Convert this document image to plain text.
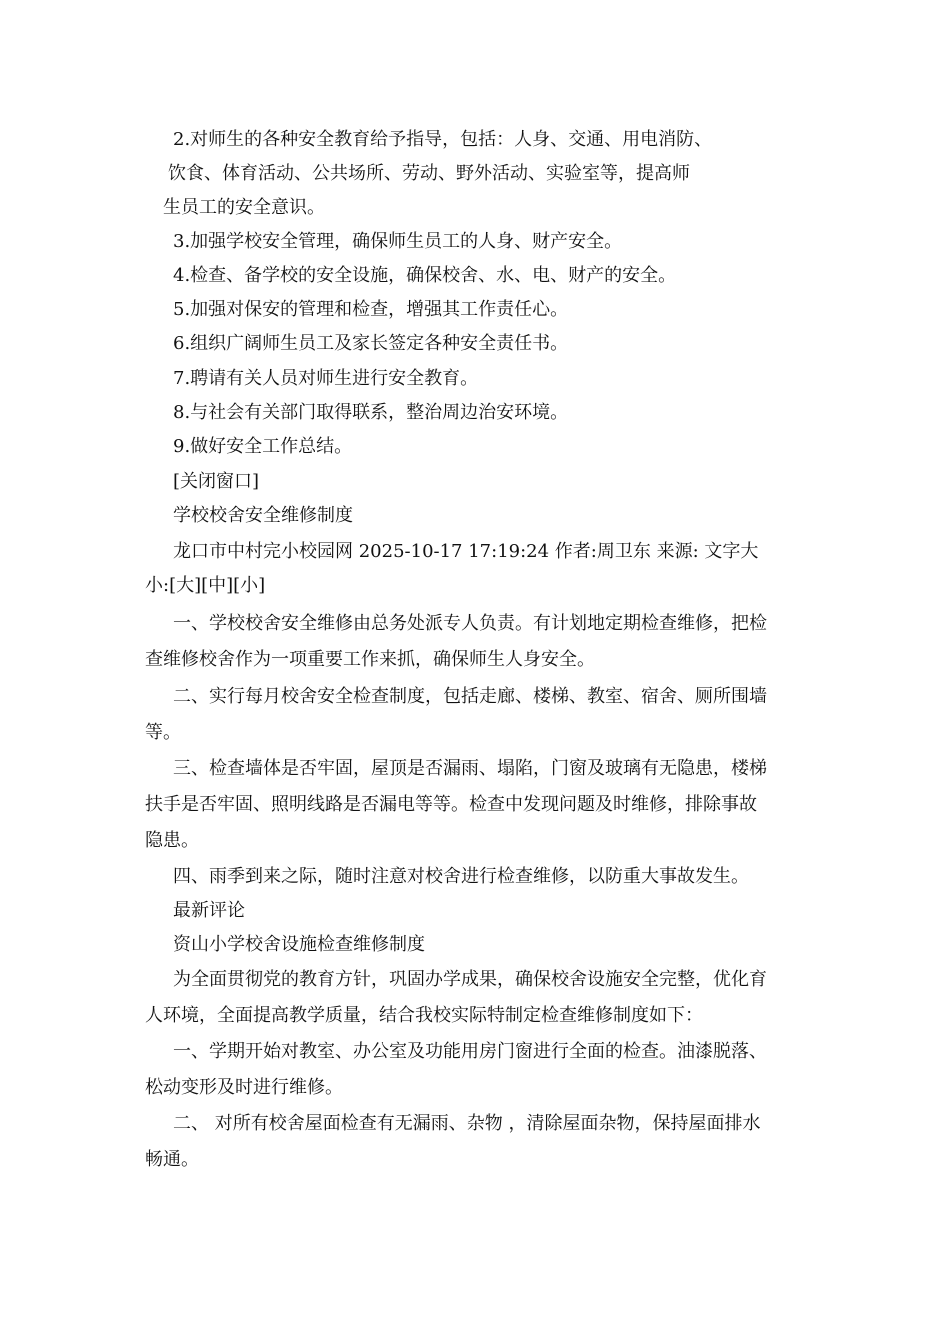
2.对师生的各种安全教育给予指导，包括：人身、交通、用电消防、
饮食、体育活动、公共场所、劳动、野外活动、实验室等，提高师
生员工的安全意识。
3.加强学校安全管理，确保师生员工的人身、财产安全。
4.检查、备学校的安全设施，确保校舍、水、电、财产的安全。
5.加强对保安的管理和检查，增强其工作责任心。
6.组织广阔师生员工及家长签定各种安全责任书。
7.聘请有关人员对师生进行安全教育。
8.与社会有关部门取得联系，整治周边治安环境。
9.做好安全工作总结。
[关闭窗口]
学校校舍安全维修制度
龙口市中村完小校园网 2025-10-17 17:19:24 作者:周卫东 来源: 文字大
小:[大][中][小]
一、学校校舍安全维修由总务处派专人负责。有计划地定期检查维修，把检
查维修校舍作为一项重要工作来抓，确保师生人身安全。
二、实行每月校舍安全检查制度，包括走廊、楼梯、教室、宿舍、厕所围墙
等。
三、检查墙体是否牢固，屋顶是否漏雨、塌陷，门窗及玻璃有无隐患，楼梯
扶手是否牢固、照明线路是否漏电等等。检查中发现问题及时维修，排除事故
隐患。
四、雨季到来之际，随时注意对校舍进行检查维修，以防重大事故发生。
最新评论
资山小学校舍设施检查维修制度
为全面贯彻党的教育方针，巩固办学成果，确保校舍设施安全完整，优化育
人环境，全面提高教学质量，结合我校实际特制定检查维修制度如下：
一、学期开始对教室、办公室及功能用房门窗进行全面的检查。油漆脱落、
松动变形及时进行维修。
二、 对所有校舍屋面检查有无漏雨、杂物 ，清除屋面杂物，保持屋面排水
畅通。
